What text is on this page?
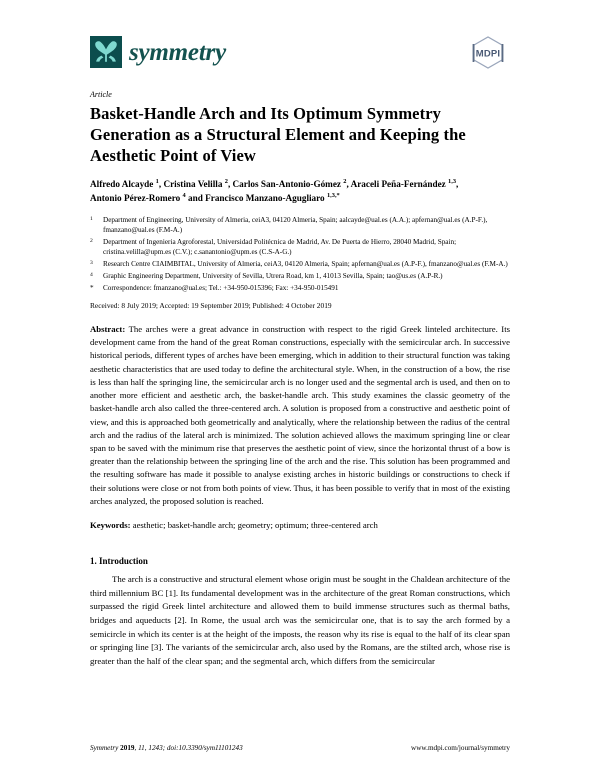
symmetry	MDPI
Article
Basket-Handle Arch and Its Optimum Symmetry Generation as a Structural Element and Keeping the Aesthetic Point of View
Alfredo Alcayde $^1$, Cristina Velilla $^2$, Carlos San-Antonio-Gómez $^2$, Araceli Peña-Fernández $^{1,3}$,
Antonio Pérez-Romero $^4$ and Francisco Manzano-Agugliaro $^{1,3,*}$
1	Department of Engineering, University of Almeria, ceiA3, 04120 Almeria, Spain; aalcayde@ual.es (A.A.); apfernan@ual.es (A.P-F.), fmanzano@ual.es (F.M-A.)
2	Department of Ingenieria Agroforestal, Universidad Politécnica de Madrid, Av. De Puerta de Hierro, 28040 Madrid, Spain; cristina.velilla@upm.es (C.V.); c.sanantonio@upm.es (C.S-A-G.)
3	Research Centre CIAIMBITAL, University of Almeria, ceiA3, 04120 Almeria, Spain; apfernan@ual.es (A.P-F.), fmanzano@ual.es (F.M-A.)
4	Graphic Engineering Department, University of Sevilla, Utrera Road, km 1, 41013 Sevilla, Spain; tao@us.es (A.P-R.)
*	Correspondence: fmanzano@ual.es; Tel.: +34-950-015396; Fax: +34-950-015491
Received: 8 July 2019; Accepted: 19 September 2019; Published: 4 October 2019

Abstract: The arches were a great advance in construction with respect to the rigid Greek linteled architecture. Its development came from the hand of the great Roman constructions, especially with the semicircular arch. In successive historical periods, different types of arches have been emerging, which in addition to their structural function was taking aesthetic characteristics that are used today to define the architectural style. When, in the construction of a bow, the rise is less than half the springing line, the semicircular arch is no longer used and the segmental arch is used, and then on to another more efficient and aesthetic arch, the basket-handle arch. This study examines the classic geometry of the basket-handle arch also called the three-centered arch. A solution is proposed from a constructive and aesthetic point of view, and this is approached both geometrically and analytically, where the relationship between the radius of the central arch and the radius of the lateral arch is minimized. The solution achieved allows the maximum springing line or clear span to be saved with the minimum rise that preserves the aesthetic point of view, since the horizontal thrust of a bow is greater than the relationship between the springing line of the arch and the rise. This solution has been programmed and the resulting software has made it possible to analyse existing arches in historic buildings or constructions to check if their solutions were close or not from both points of view. Thus, it has been possible to verify that in most of the existing arches analyzed, the proposed solution is reached.

Keywords: aesthetic; basket-handle arch; geometry; optimum; three-centered arch

1. Introduction

The arch is a constructive and structural element whose origin must be sought in the Chaldean architecture of the third millennium BC [1]. Its fundamental development was in the architecture of the great Roman constructions, which surpassed the rigid Greek lintel architecture and allowed them to build immense structures such as thermal baths, bridges and aqueducts [2]. In Rome, the usual arch was the semicircular one, that is to say the arch formed by a semicircle in which its center is at the height of the imposts, the reason why its rise is equal to the half of its clear span or springing line [3]. The variants of the semicircular arch, also used by the Romans, are the stilted arch, whose rise is greater than the half of the clear span; and the segmental arch, which differs from the semicircular

Symmetry 2019, 11, 1243; doi:10.3390/sym11101243	www.mdpi.com/journal/symmetry
